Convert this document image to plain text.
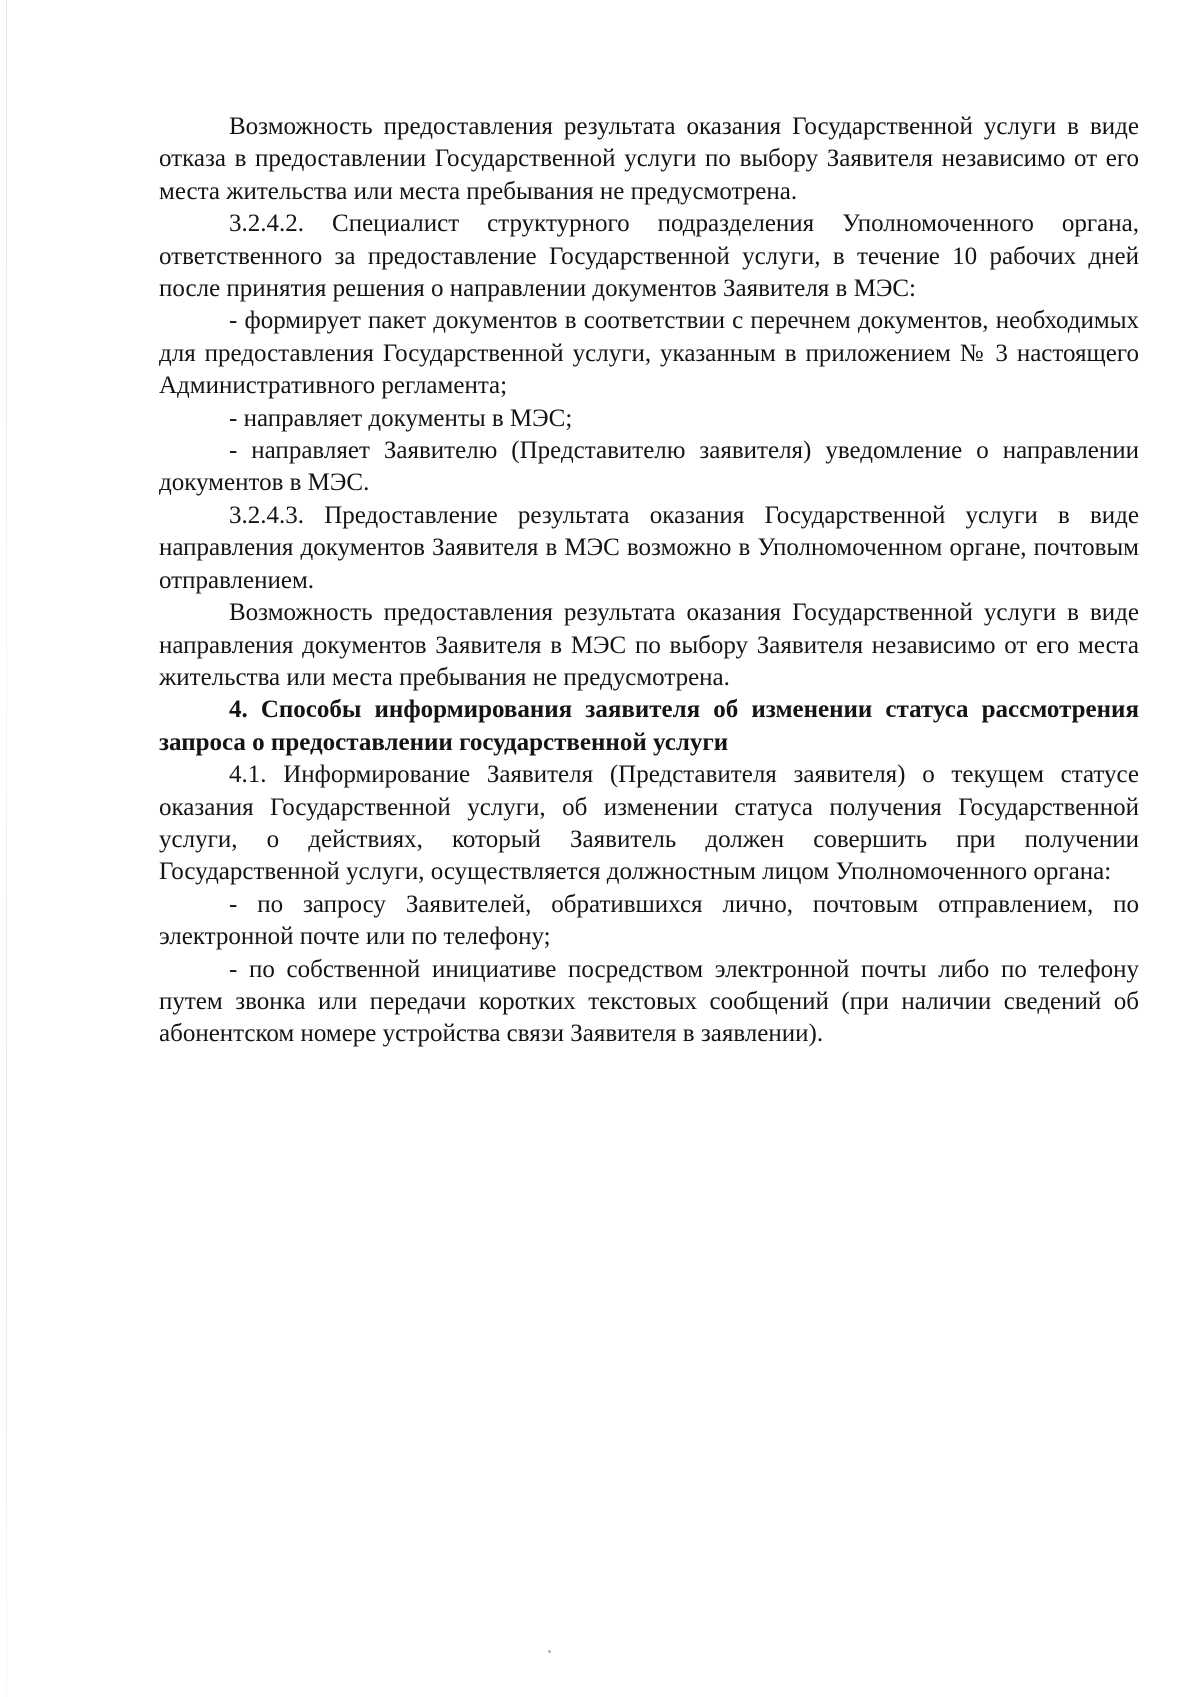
Возможность предоставления результата оказания Государственной услуги в виде отказа в предоставлении Государственной услуги по выбору Заявителя независимо от его места жительства или места пребывания не предусмотрена.

3.2.4.2. Специалист структурного подразделения Уполномоченного органа, ответственного за предоставление Государственной услуги, в течение 10 рабочих дней после принятия решения о направлении документов Заявителя в МЭС:

- формирует пакет документов в соответствии с перечнем документов, необходимых для предоставления Государственной услуги, указанным в приложением № 3 настоящего Административного регламента;

- направляет документы в МЭС;

- направляет Заявителю (Представителю заявителя) уведомление о направлении документов в МЭС.

3.2.4.3. Предоставление результата оказания Государственной услуги в виде направления документов Заявителя в МЭС возможно в Уполномоченном органе, почтовым отправлением.

Возможность предоставления результата оказания Государственной услуги в виде направления документов Заявителя в МЭС по выбору Заявителя независимо от его места жительства или места пребывания не предусмотрена.

4. Способы информирования заявителя об изменении статуса рассмотрения запроса о предоставлении государственной услуги

4.1. Информирование Заявителя (Представителя заявителя) о текущем статусе оказания Государственной услуги, об изменении статуса получения Государственной услуги, о действиях, который Заявитель должен совершить при получении Государственной услуги, осуществляется должностным лицом Уполномоченного органа:

- по запросу Заявителей, обратившихся лично, почтовым отправлением, по электронной почте или по телефону;

- по собственной инициативе посредством электронной почты либо по телефону путем звонка или передачи коротких текстовых сообщений (при наличии сведений об абонентском номере устройства связи Заявителя в заявлении).
